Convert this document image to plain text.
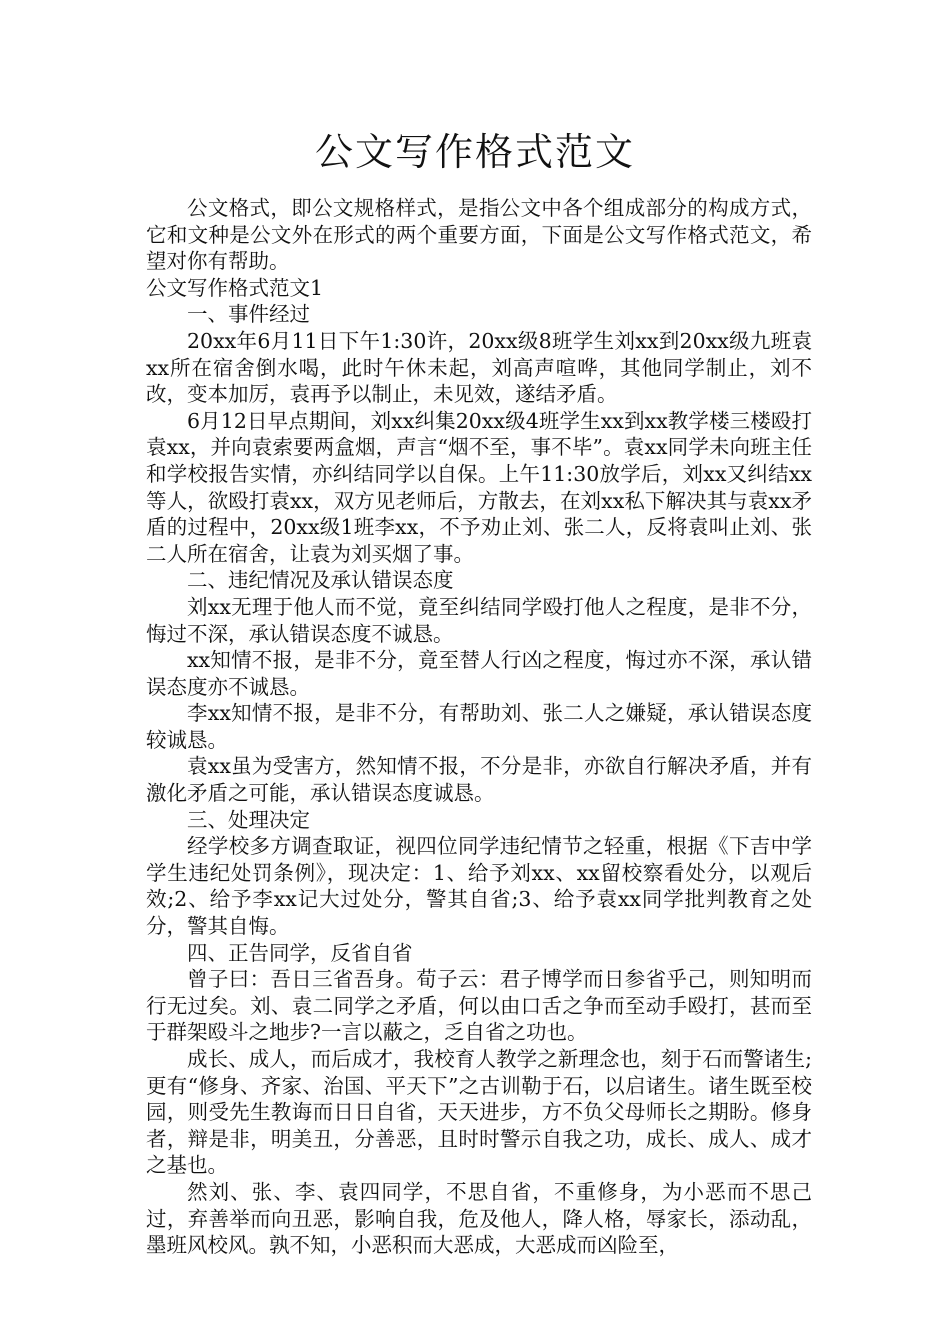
公文写作格式范文

公文格式，即公文规格样式，是指公文中各个组成部分的构成方式，它和文种是公文外在形式的两个重要方面，下面是公文写作格式范文，希望对你有帮助。

公文写作格式范文1

一、事件经过

20xx年6月11日下午1:30许，20xx级8班学生刘xx到20xx级九班袁xx所在宿舍倒水喝，此时午休未起，刘高声喧哗，其他同学制止，刘不改，变本加厉，袁再予以制止，未见效，遂结矛盾。

6月12日早点期间，刘xx纠集20xx级4班学生xx到xx教学楼三楼殴打袁xx，并向袁索要两盒烟，声言“烟不至，事不毕”。袁xx同学未向班主任和学校报告实情，亦纠结同学以自保。上午11:30放学后，刘xx又纠结xx等人，欲殴打袁xx，双方见老师后，方散去，在刘xx私下解决其与袁xx矛盾的过程中，20xx级1班李xx，不予劝止刘、张二人，反将袁叫止刘、张二人所在宿舍，让袁为刘买烟了事。

二、违纪情况及承认错误态度

刘xx无理于他人而不觉，竟至纠结同学殴打他人之程度，是非不分，悔过不深，承认错误态度不诚恳。

xx知情不报，是非不分，竟至替人行凶之程度，悔过亦不深，承认错误态度亦不诚恳。

李xx知情不报，是非不分，有帮助刘、张二人之嫌疑，承认错误态度较诚恳。

袁xx虽为受害方，然知情不报，不分是非，亦欲自行解决矛盾，并有激化矛盾之可能，承认错误态度诚恳。

三、处理决定

经学校多方调查取证，视四位同学违纪情节之轻重，根据《下吉中学学生违纪处罚条例》，现决定：1、给予刘xx、xx留校察看处分，以观后效;2、给予李xx记大过处分，警其自省;3、给予袁xx同学批判教育之处分，警其自悔。

四、正告同学，反省自省

曾子曰：吾日三省吾身。荀子云：君子博学而日参省乎己，则知明而行无过矣。刘、袁二同学之矛盾，何以由口舌之争而至动手殴打，甚而至于群架殴斗之地步?一言以蔽之，乏自省之功也。

成长、成人，而后成才，我校育人教学之新理念也，刻于石而警诸生;更有“修身、齐家、治国、平天下”之古训勒于石，以启诸生。诸生既至校园，则受先生教诲而日日自省，天天进步，方不负父母师长之期盼。修身者，辩是非，明美丑，分善恶，且时时警示自我之功，成长、成人、成才之基也。

然刘、张、李、袁四同学，不思自省，不重修身，为小恶而不思己过，弃善举而向丑恶，影响自我，危及他人，降人格，辱家长，添动乱，墨班风校风。孰不知，小恶积而大恶成，大恶成而凶险至，
